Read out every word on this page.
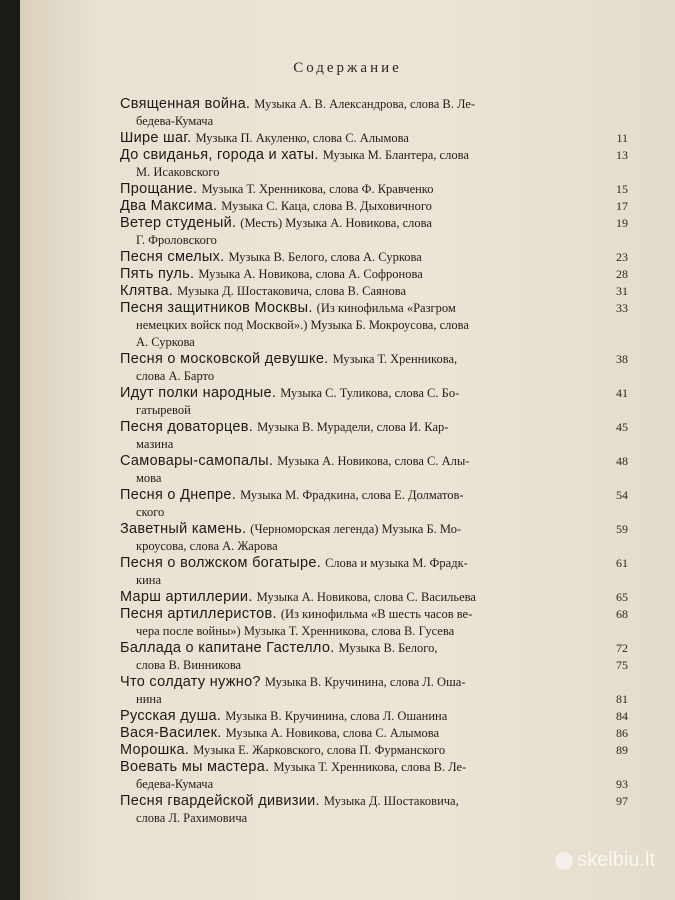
Содержание
Священная война. Музыка А. В. Александрова, слова В. Ле-
бедева-Кумача
Шире шаг. Музыка П. Акуленко, слова С. Алымова	11
До свиданья, города и хаты. Музыка М. Блантера, слова	13
М. Исаковского
Прощание. Музыка Т. Хренникова, слова Ф. Кравченко	15
Два Максима. Музыка С. Каца, слова В. Дыховичного	17
Ветер студеный. (Месть) Музыка А. Новикова, слова	19
Г. Фроловского
Песня смелых. Музыка В. Белого, слова А. Суркова	23
Пять пуль. Музыка А. Новикова, слова А. Софронова	28
Клятва. Музыка Д. Шостаковича, слова В. Саянова	31
Песня защитников Москвы. (Из кинофильма «Разгром	33
немецких войск под Москвой».) Музыка Б. Мокроусова, слова
А. Суркова
Песня о московской девушке. Музыка Т. Хренникова,	38
слова А. Барто
Идут полки народные. Музыка С. Туликова, слова С. Бо-	41
гатыревой
Песня доваторцев. Музыка В. Мурадели, слова И. Кар-	45
мазина
Самовары-самопалы. Музыка А. Новикова, слова С. Алы-	48
мова
Песня о Днепре. Музыка М. Фрадкина, слова Е. Долматов-	54
ского
Заветный камень. (Черноморская легенда) Музыка Б. Мо-	59
кроусова, слова А. Жарова
Песня о волжском богатыре. Слова и музыка М. Фрадк-	61
кина
Марш артиллерии. Музыка А. Новикова, слова С. Васильева	65
Песня артиллеристов. (Из кинофильма «В шесть часов ве-	68
чера после войны») Музыка Т. Хренникова, слова В. Гусева
Баллада о капитане Гастелло. Музыка В. Белого,	72
слова В. Винникова	75
Что солдату нужно? Музыка В. Кручинина, слова Л. Оша-
нина	81
Русская душа. Музыка В. Кручинина, слова Л. Ошанина	84
Вася-Василек. Музыка А. Новикова, слова С. Алымова	86
Морошка. Музыка Е. Жарковского, слова П. Фурманского	89
Воевать мы мастера. Музыка Т. Хренникова, слова В. Ле-
бедева-Кумача	93
Песня гвардейской дивизии. Музыка Д. Шостаковича,	97
слова Л. Рахимовича
skelbiu.lt
